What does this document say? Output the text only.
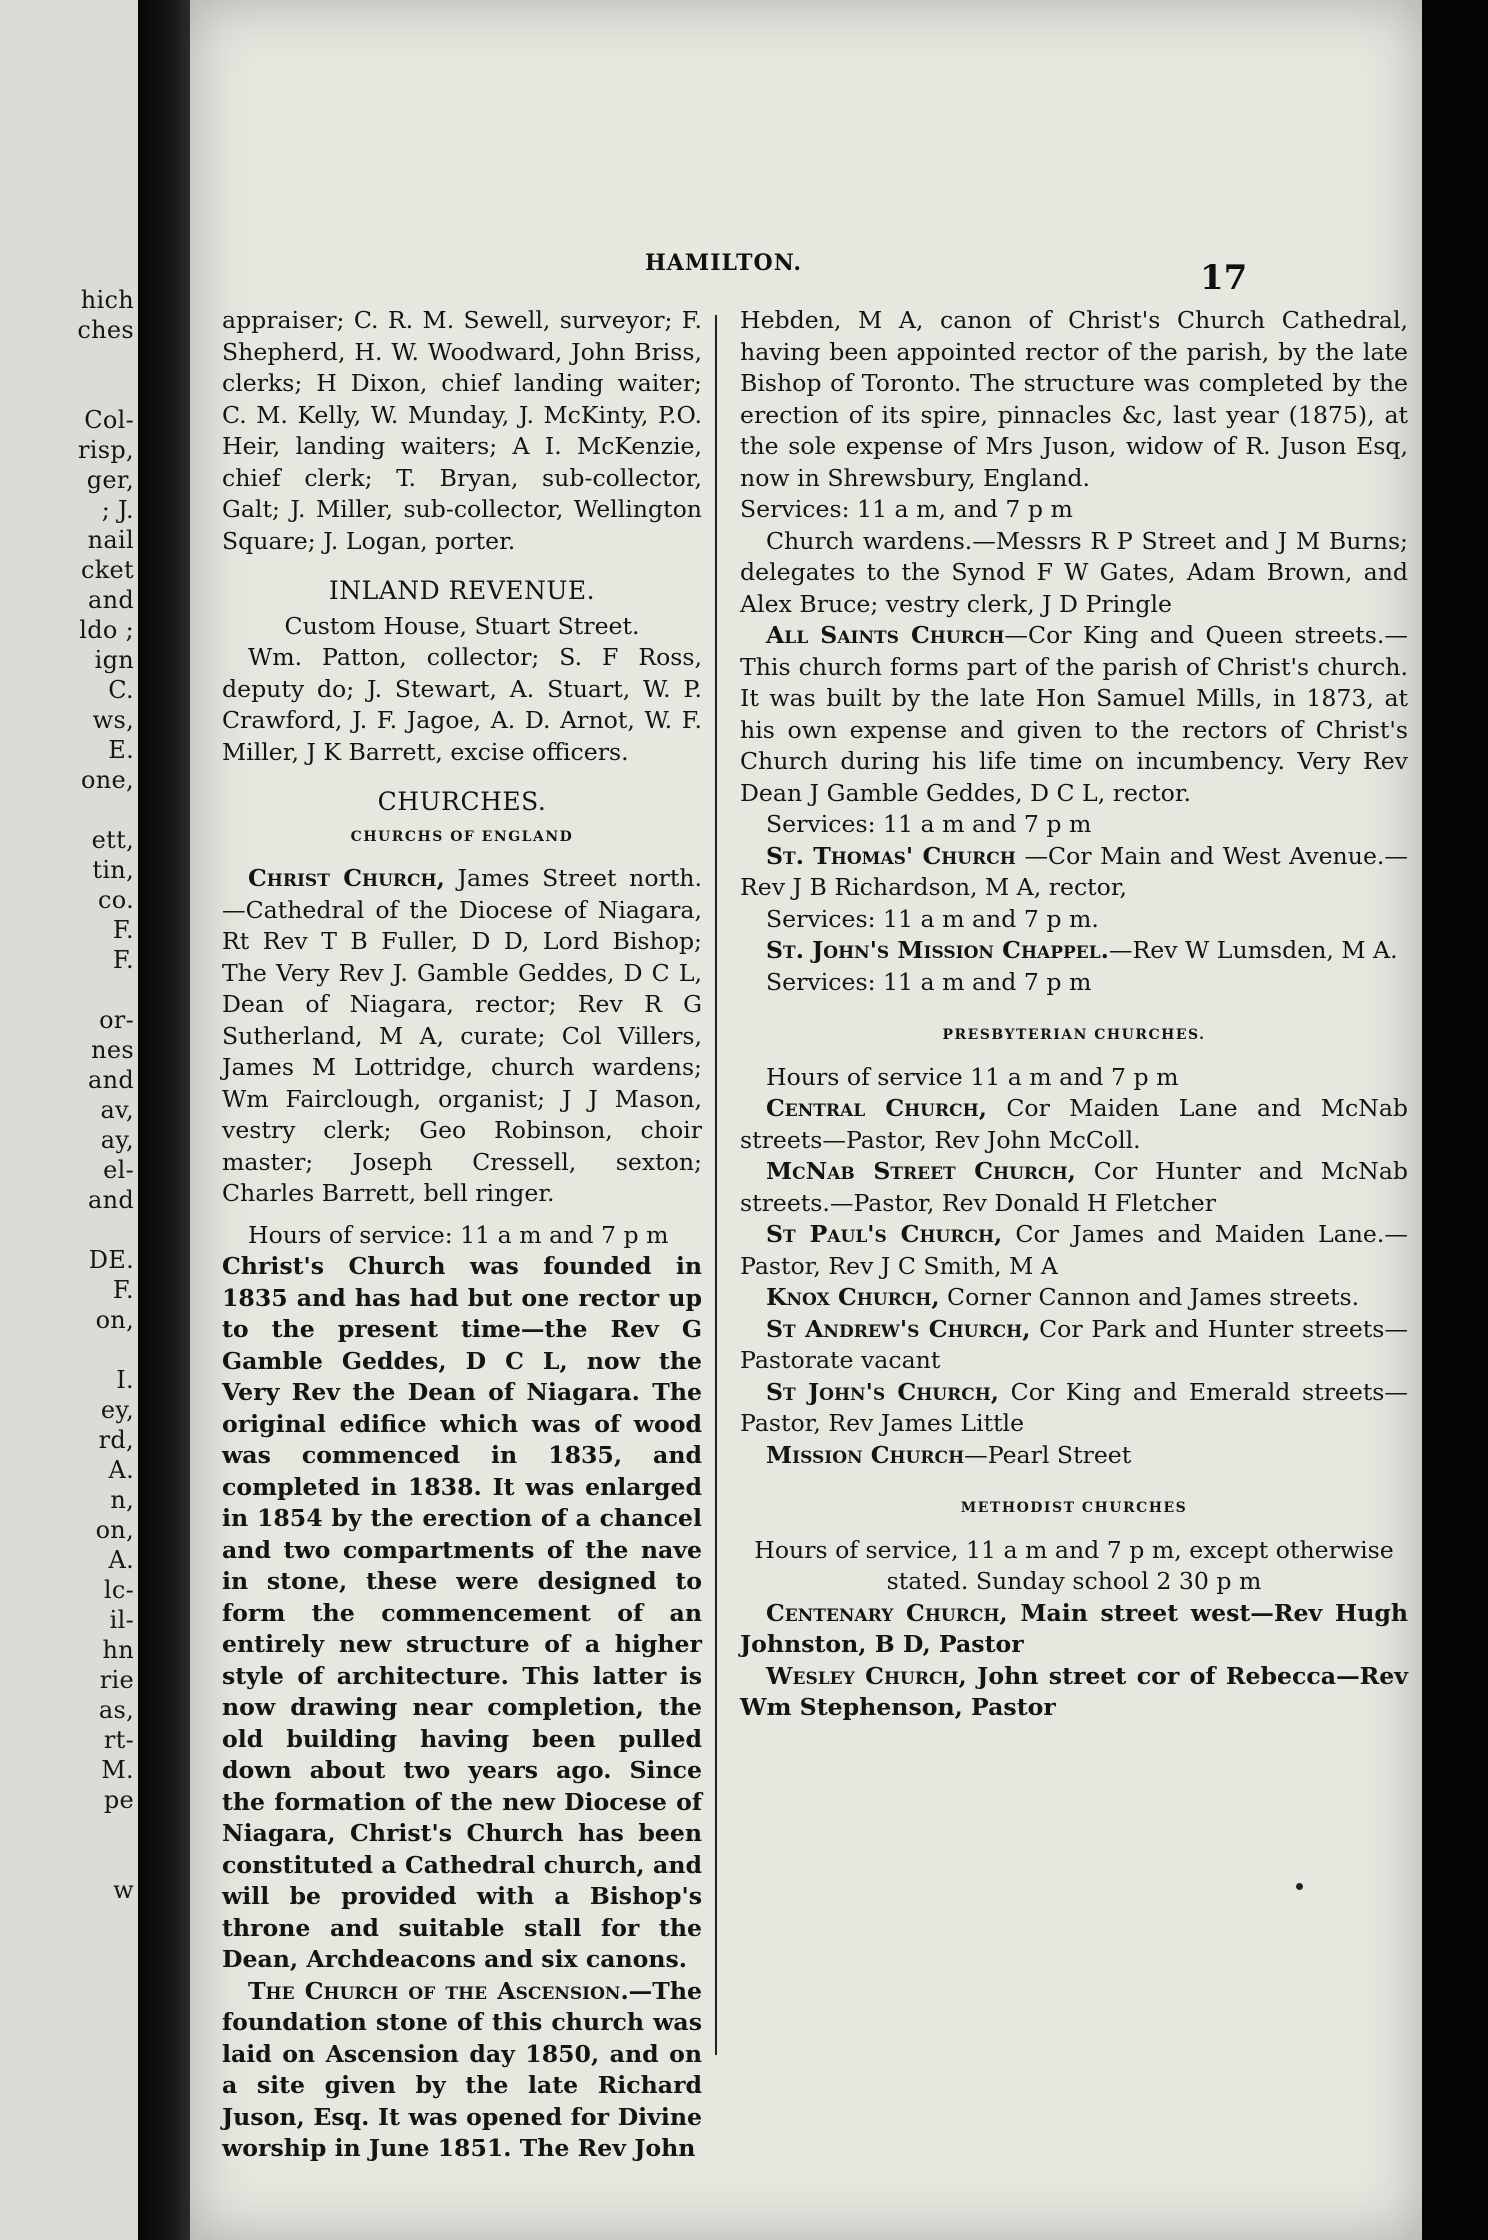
hich
ches

Col-
risp,
ger,
; J.
nail
cket
and
ldo ;
ign
C.
ws,
E.
one,

ett,
tin,
co.
F.
F.

or-
nes
and
av,
ay,
el-
and

DE.
F.
on,

I.
ey,
rd,
A.
n,
on,
A.
lc-
il-
hn
rie
as,
rt-
M.
pe

w
HAMILTON.	17

appraiser; C. R. M. Sewell, surveyor; F. Shepherd, H. W. Woodward, John Briss, clerks; H Dixon, chief landing waiter; C. M. Kelly, W. Munday, J. McKinty, P.O. Heir, landing waiters; A I. McKenzie, chief clerk; T. Bryan, sub-collector, Galt; J. Miller, sub-collector, Wellington Square; J. Logan, porter.

INLAND REVENUE.

Custom House, Stuart Street.

Wm. Patton, collector; S. F Ross, deputy do; J. Stewart, A. Stuart, W. P. Crawford, J. F. Jagoe, A. D. Arnot, W. F. Miller, J K Barrett, excise officers.

CHURCHES.
CHURCHS OF ENGLAND

Christ Church, James Street north.—Cathedral of the Diocese of Niagara, Rt Rev T B Fuller, D D, Lord Bishop; The Very Rev J. Gamble Geddes, D C L, Dean of Niagara, rector; Rev R G Sutherland, M A, curate; Col Villers, James M Lottridge, church wardens; Wm Fairclough, organist; J J Mason, vestry clerk; Geo Robinson, choir master; Joseph Cressell, sexton; Charles Barrett, bell ringer.

Hours of service: 11 a m and 7 p m

Christ's Church was founded in 1835 and has had but one rector up to the present time—the Rev G Gamble Geddes, D C L, now the Very Rev the Dean of Niagara. The original edifice which was of wood was commenced in 1835, and completed in 1838. It was enlarged in 1854 by the erection of a chancel and two compartments of the nave in stone, these were designed to form the commencement of an entirely new structure of a higher style of architecture. This latter is now drawing near completion, the old building having been pulled down about two years ago. Since the formation of the new Diocese of Niagara, Christ's Church has been constituted a Cathedral church, and will be provided with a Bishop's throne and suitable stall for the Dean, Archdeacons and six canons.

The Church of the Ascension.—The foundation stone of this church was laid on Ascension day 1850, and on a site given by the late Richard Juson, Esq. It was opened for Divine worship in June 1851. The Rev John

Hebden, M A, canon of Christ's Church Cathedral, having been appointed rector of the parish, by the late Bishop of Toronto. The structure was completed by the erection of its spire, pinnacles &c, last year (1875), at the sole expense of Mrs Juson, widow of R. Juson Esq, now in Shrewsbury, England.

Services: 11 a m, and 7 p m

Church wardens.—Messrs R P Street and J M Burns; delegates to the Synod F W Gates, Adam Brown, and Alex Bruce; vestry clerk, J D Pringle

All Saints Church—Cor King and Queen streets.—This church forms part of the parish of Christ's church. It was built by the late Hon Samuel Mills, in 1873, at his own expense and given to the rectors of Christ's Church during his life time on incumbency. Very Rev Dean J Gamble Geddes, D C L, rector.

Services: 11 a m and 7 p m

St. Thomas' Church —Cor Main and West Avenue.—Rev J B Richardson, M A, rector,

Services: 11 a m and 7 p m.

St. John's Mission Chappel.—Rev W Lumsden, M A.

Services: 11 a m and 7 p m

PRESBYTERIAN CHURCHES.

Hours of service 11 a m and 7 p m

Central Church, Cor Maiden Lane and McNab streets—Pastor, Rev John McColl.

McNab Street Church, Cor Hunter and McNab streets.—Pastor, Rev Donald H Fletcher

St Paul's Church, Cor James and Maiden Lane.—Pastor, Rev J C Smith, M A

Knox Church, Corner Cannon and James streets.

St Andrew's Church, Cor Park and Hunter streets—Pastorate vacant

St John's Church, Cor King and Emerald streets—Pastor, Rev James Little

Mission Church—Pearl Street

METHODIST CHURCHES

Hours of service, 11 a m and 7 p m, except otherwise stated. Sunday school 2 30 p m

Centenary Church, Main street west—Rev Hugh Johnston, B D, Pastor

Wesley Church, John street cor of Rebecca—Rev Wm Stephenson, Pastor
